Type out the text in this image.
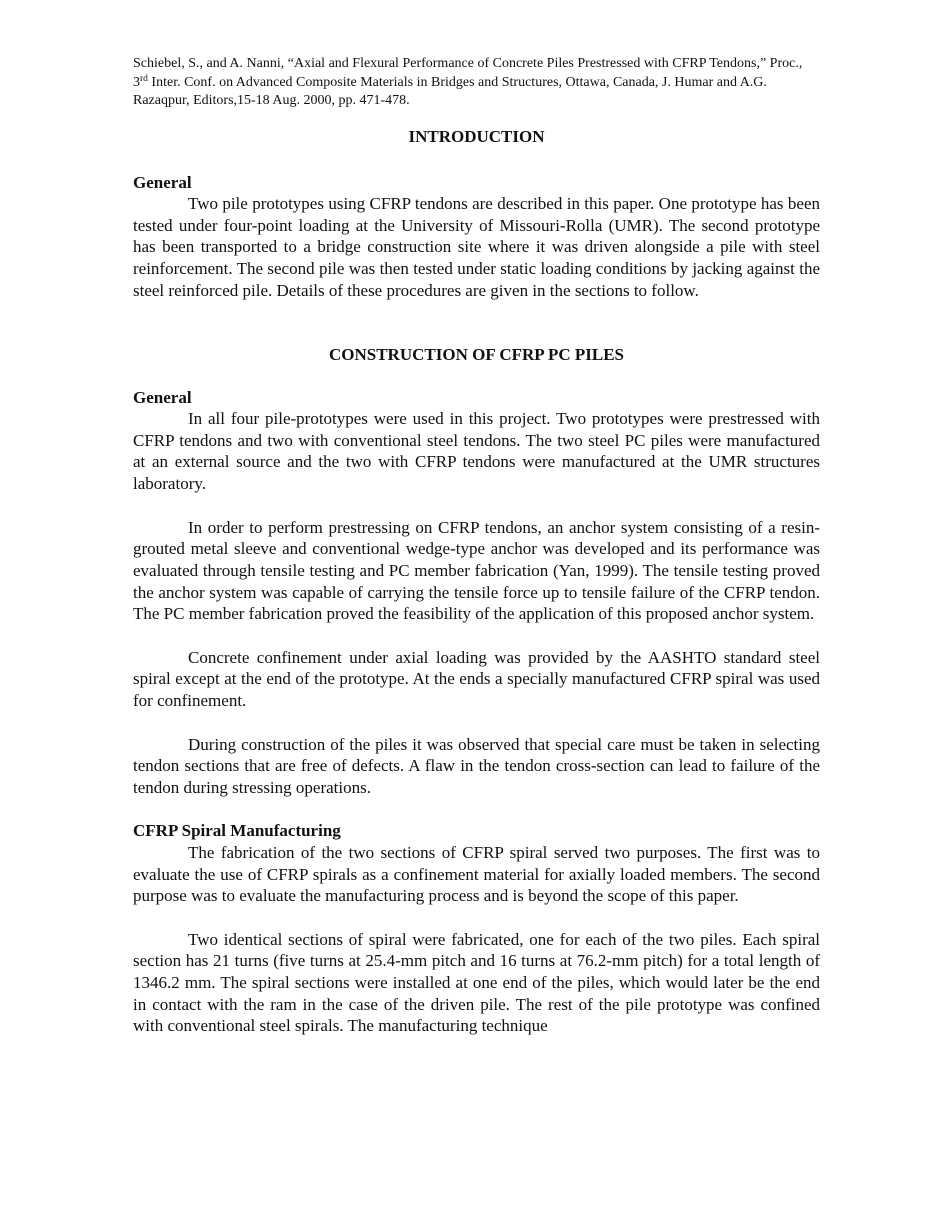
Schiebel, S., and A. Nanni, “Axial and Flexural Performance of Concrete Piles Prestressed with CFRP Tendons,” Proc., 3rd Inter. Conf. on Advanced Composite Materials in Bridges and Structures, Ottawa, Canada, J. Humar and A.G. Razaqpur, Editors,15-18 Aug. 2000, pp. 471-478.

INTRODUCTION
General

Two pile prototypes using CFRP tendons are described in this paper. One prototype has been tested under four-point loading at the University of Missouri-Rolla (UMR). The second prototype has been transported to a bridge construction site where it was driven alongside a pile with steel reinforcement. The second pile was then tested under static loading conditions by jacking against the steel reinforced pile. Details of these procedures are given in the sections to follow.

CONSTRUCTION OF CFRP PC PILES
General

In all four pile-prototypes were used in this project. Two prototypes were prestressed with CFRP tendons and two with conventional steel tendons. The two steel PC piles were manufactured at an external source and the two with CFRP tendons were manufactured at the UMR structures laboratory.

In order to perform prestressing on CFRP tendons, an anchor system consisting of a resin-grouted metal sleeve and conventional wedge-type anchor was developed and its performance was evaluated through tensile testing and PC member fabrication (Yan, 1999). The tensile testing proved the anchor system was capable of carrying the tensile force up to tensile failure of the CFRP tendon. The PC member fabrication proved the feasibility of the application of this proposed anchor system.

Concrete confinement under axial loading was provided by the AASHTO standard steel spiral except at the end of the prototype. At the ends a specially manufactured CFRP spiral was used for confinement.

During construction of the piles it was observed that special care must be taken in selecting tendon sections that are free of defects. A flaw in the tendon cross-section can lead to failure of the tendon during stressing operations.

CFRP Spiral Manufacturing

The fabrication of the two sections of CFRP spiral served two purposes. The first was to evaluate the use of CFRP spirals as a confinement material for axially loaded members. The second purpose was to evaluate the manufacturing process and is beyond the scope of this paper.

Two identical sections of spiral were fabricated, one for each of the two piles. Each spiral section has 21 turns (five turns at 25.4-mm pitch and 16 turns at 76.2-mm pitch) for a total length of 1346.2 mm. The spiral sections were installed at one end of the piles, which would later be the end in contact with the ram in the case of the driven pile. The rest of the pile prototype was confined with conventional steel spirals. The manufacturing technique
